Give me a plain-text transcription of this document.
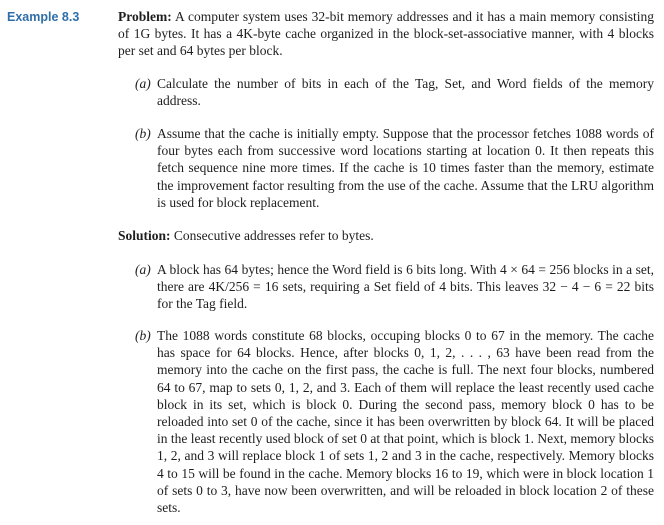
Example 8.3	Problem: A computer system uses 32-bit memory addresses and it has a main memory consisting of 1G bytes. It has a 4K-byte cache organized in the block-set-associative manner, with 4 blocks per set and 64 bytes per block.
(a) Calculate the number of bits in each of the Tag, Set, and Word fields of the memory address.

(b) Assume that the cache is initially empty. Suppose that the processor fetches 1088 words of four bytes each from successive word locations starting at location 0. It then repeats this fetch sequence nine more times. If the cache is 10 times faster than the memory, estimate the improvement factor resulting from the use of the cache. Assume that the LRU algorithm is used for block replacement.

Solution: Consecutive addresses refer to bytes.
(a) A block has 64 bytes; hence the Word field is 6 bits long. With 4 × 64 = 256 blocks in a set, there are 4K/256 = 16 sets, requiring a Set field of 4 bits. This leaves 32 − 4 − 6 = 22 bits for the Tag field.

(b) The 1088 words constitute 68 blocks, occuping blocks 0 to 67 in the memory. The cache has space for 64 blocks. Hence, after blocks 0, 1, 2, . . . , 63 have been read from the memory into the cache on the first pass, the cache is full. The next four blocks, numbered 64 to 67, map to sets 0, 1, 2, and 3. Each of them will replace the least recently used cache block in its set, which is block 0. During the second pass, memory block 0 has to be reloaded into set 0 of the cache, since it has been overwritten by block 64. It will be placed in the least recently used block of set 0 at that point, which is block 1. Next, memory blocks 1, 2, and 3 will replace block 1 of sets 1, 2 and 3 in the cache, respectively. Memory blocks 4 to 15 will be found in the cache. Memory blocks 16 to 19, which were in block location 1 of sets 0 to 3, have now been overwritten, and will be reloaded in block location 2 of these sets.
